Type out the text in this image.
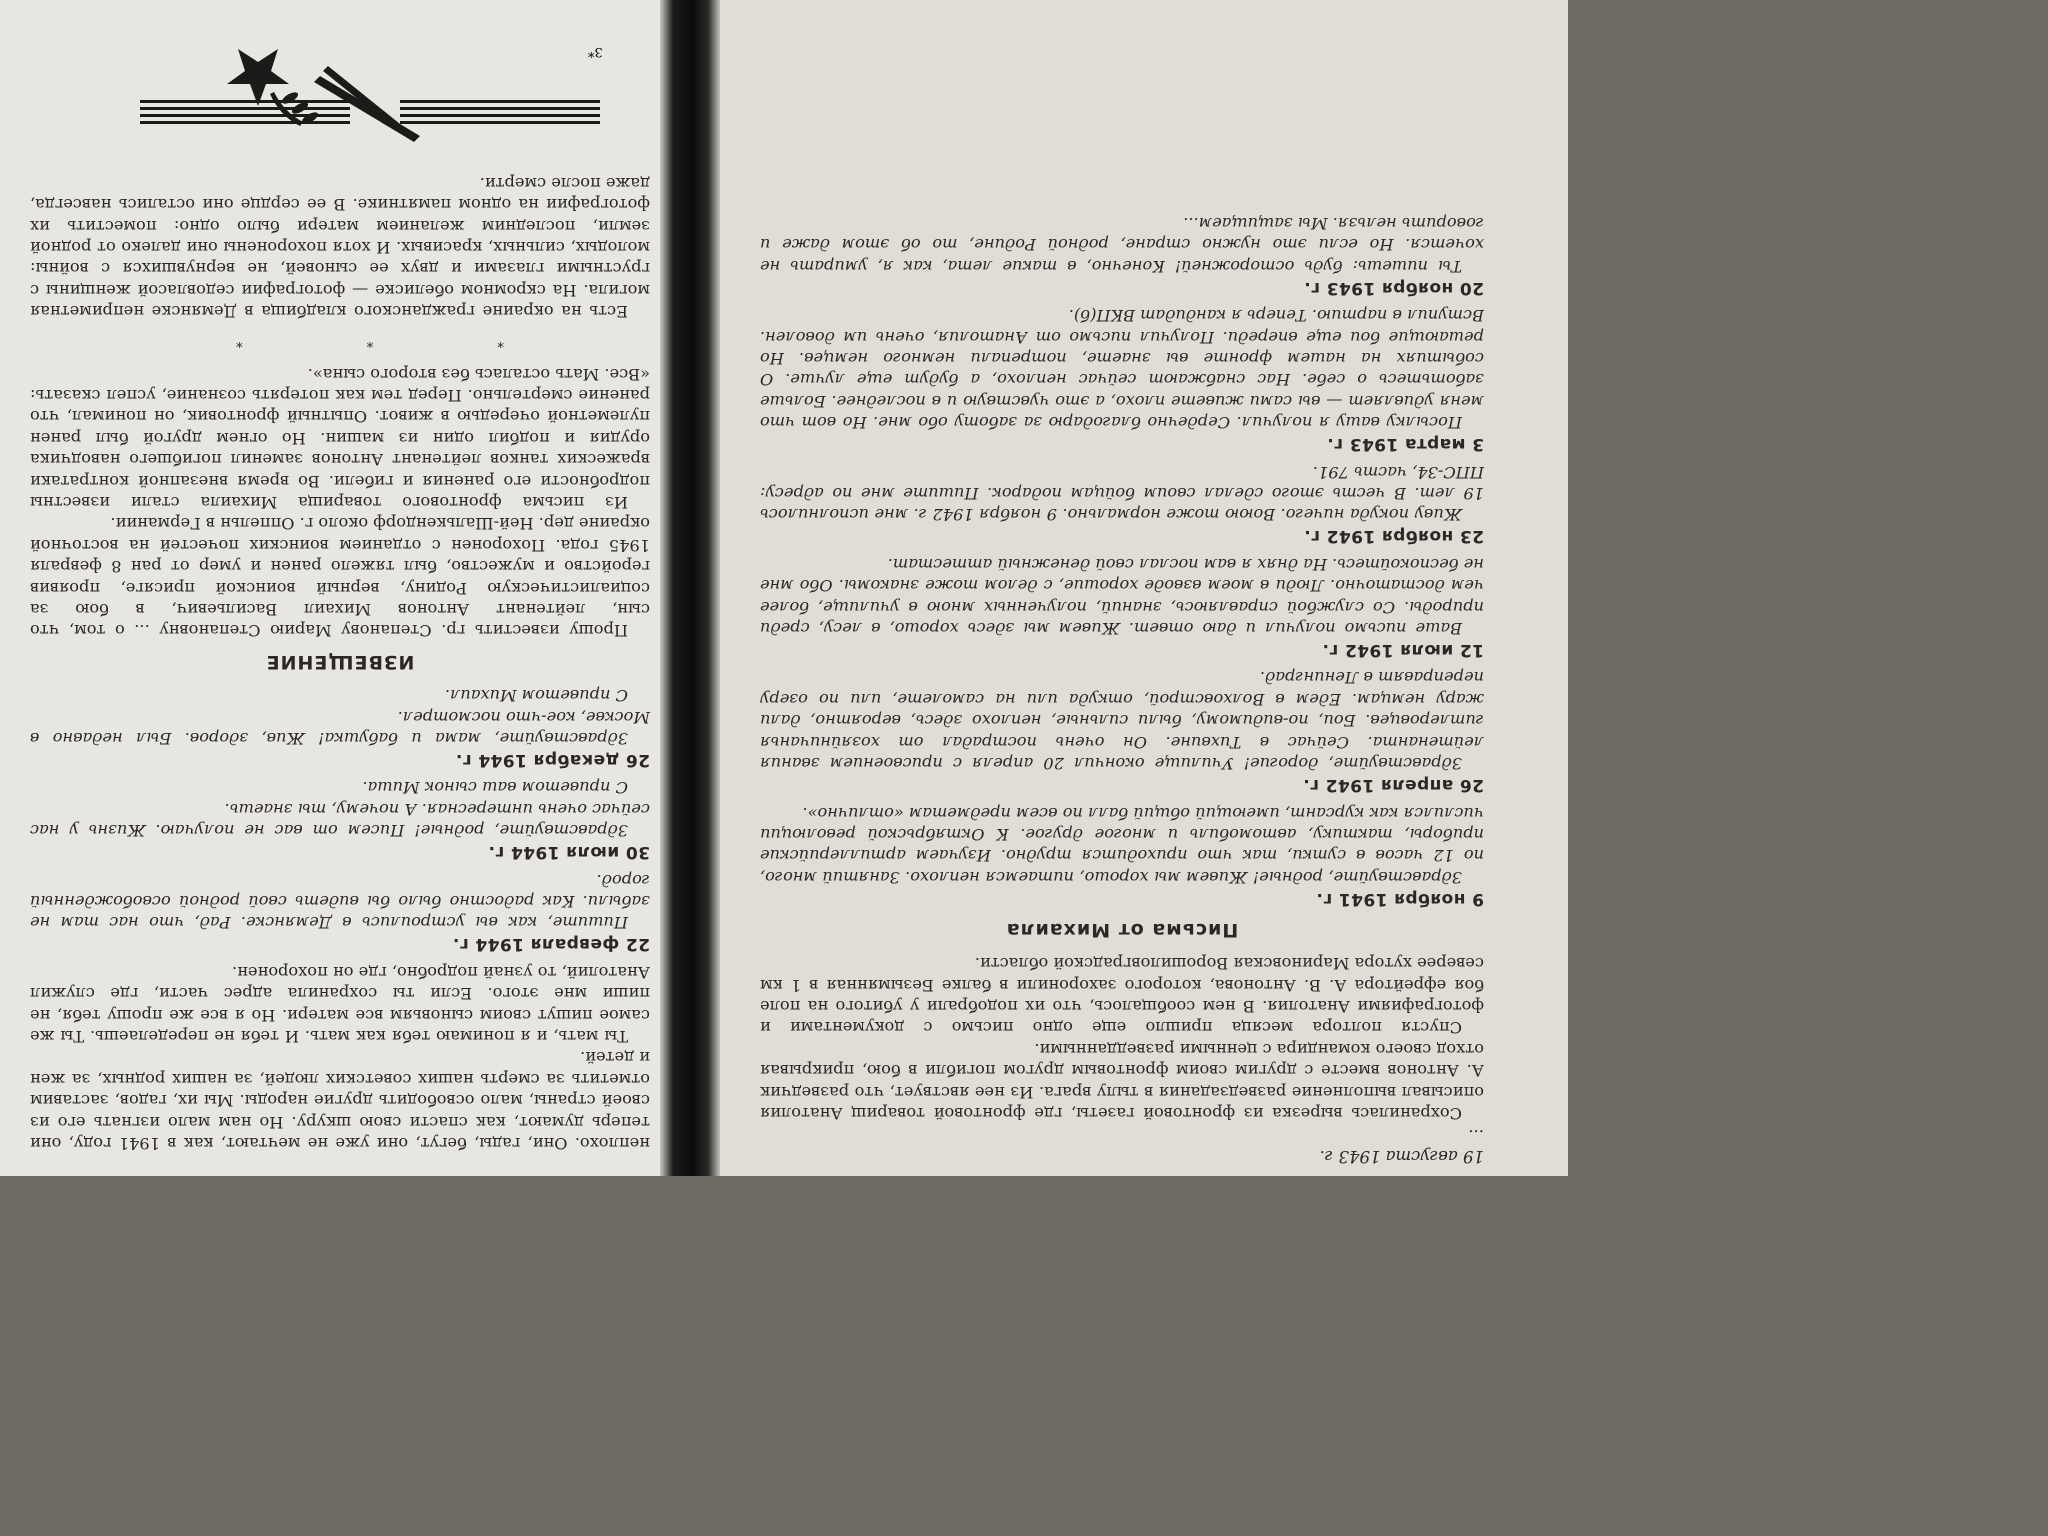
неплохо. Они, гады, бегут, они уже не мечтают, как в 1941 году, они теперь думают, как спасти свою шкуру. Но нам мало изгнать его из своей страны, мало освободить другие народы. Мы их, гадов, заставим отметить за смерть наших советских людей, за наших родных, за жен и детей.

Ты мать, и я понимаю тебя как мать. И тебя не переделаешь. Ты же самое пишут своим сыновьям все матери. Но я все же прошу тебя, не пиши мне этого. Если ты сохранила адрес части, где служил Анатолий, то узнай подробно, где он похоронен.

22 февраля 1944 г.

Пишите, как вы устроились в Демянске. Рад, что нас там не забыли. Как радостно было бы видеть свой родной освобожденный город.

30 июля 1944 г.

Здравствуйте, родные! Писем от вас не получаю. Жизнь у нас сейчас очень интересная. А почему, ты знаешь.

С приветом ваш сынок Миша.
26 декабря 1944 г.

Здравствуйте, мама и бабушка! Жив, здоров. Был недавно в Москве, кое-что посмотрел.

С приветом Михаил.
ИЗВЕЩЕНИЕ

Прошу известить гр. Степанову Марию Степановну ... о том, что сын, лейтенант Антонов Михаил Васильевич, в бою за социалистическую Родину, верный воинской присяге, проявив геройство и мужество, был тяжело ранен и умер от ран 8 февраля 1945 года. Похоронен с отданием воинских почестей на восточной окраине дер. Ней-Шалькендорф около г. Оппельн в Германии.

Из письма фронтового товарища Михаила стали известны подробности его ранения и гибели. Во время внезапной контратаки вражеских танков лейтенант Антонов заменил погибшего наводчика орудия и подбил один из машин. Но огнем другой был ранен пулеметной очередью в живот. Опытный фронтовик, он понимал, что ранение смертельно. Перед тем как потерять сознание, успел сказать: «Все. Мать осталась без второго сына».

* * *

Есть на окраине гражданского кладбища в Демянске неприметная могила. На скромном обелиске — фотографии седовласой женщины с грустными глазами и двух ее сыновей, не вернувшихся с войны: молодых, сильных, красивых. И хотя похоронены они далеко от родной земли, последним желанием матери было одно: поместить их фотографии на одном памятнике. В ее сердце они остались навсегда, даже после смерти.

19 августа 1943 г.
...

Сохранилась вырезка из фронтовой газеты, где фронтовой товарищ Анатолия описывал выполнение разведзадания в тылу врага. Из нее явствует, что разведчик А. Антонов вместе с другим своим фронтовым другом погибли в бою, прикрывая отход своего командира с ценными разведданными.

Спустя полтора месяца пришло еще одно письмо с документами и фотографиями Анатолия. В нем сообщалось, что их подобрали у убитого на поле боя ефрейтора А. В. Антонова, которого захоронили в балке Безымянная в 1 км северее хутора Мариновская Ворошиловградской области.

Письма от Михаила
9 ноября 1941 г.

Здравствуйте, родные! Живем мы хорошо, питаемся неплохо. Занятий много, по 12 часов в сутки, так что приходится трудно. Изучаем артиллерийские приборы, тактику, автомобиль и многое другое. К Октябрьской революции числился как курсант, имеющий общий балл по всем предметам «отлично».

26 апреля 1942 г.

Здравствуйте, дорогие! Училище окончил 20 апреля с присвоением звания лейтенанта. Сейчас в Тихвине. Он очень пострадал от хозяйничанья гитлеровцев. Бои, по-видимому, были сильные, неплохо здесь, вероятно, дали жару немцам. Едем в Волховстрой, откуда или на самолете, или по озеру переправят в Ленинград.

12 июля 1942 г.

Ваше письмо получил и даю ответ. Живем мы здесь хорошо, в лесу, среди природы. Со службой справляюсь, знаний, полученных мною в училище, более чем достаточно. Люди в моем взводе хорошие, с делом тоже знакомы. Обо мне не беспокойтесь. На днях я вам послал свой денежный аттестат.

23 ноября 1942 г.

Живу покуда ничего. Воюю тоже нормально. 9 ноября 1942 г. мне исполнилось 19 лет. В честь этого сделал своим бойцам подарок. Пишите мне по адресу: ППС-34, часть 791.

3 марта 1943 г.

Посылку вашу я получил. Сердечно благодарю за заботу обо мне. Но вот что меня удивляет — вы сами живете плохо, а это чувствую и в последнее. Больше заботьтесь о себе. Нас снабжают сейчас неплохо, а будут еще лучше. О событиях на нашем фронте вы знаете, потрепали немного немцев. Но решающие бои еще впереди. Получил письмо от Анатолия, очень им доволен. Вступил в партию. Теперь я кандидат ВКП(б).

20 ноября 1943 г.

Ты пишешь: будь осторожней! Конечно, в такие лета, как я, умирать не хочется. Но если это нужно стране, родной Родине, то об этом даже и говорить нельзя. Мы защищаем...

3*
